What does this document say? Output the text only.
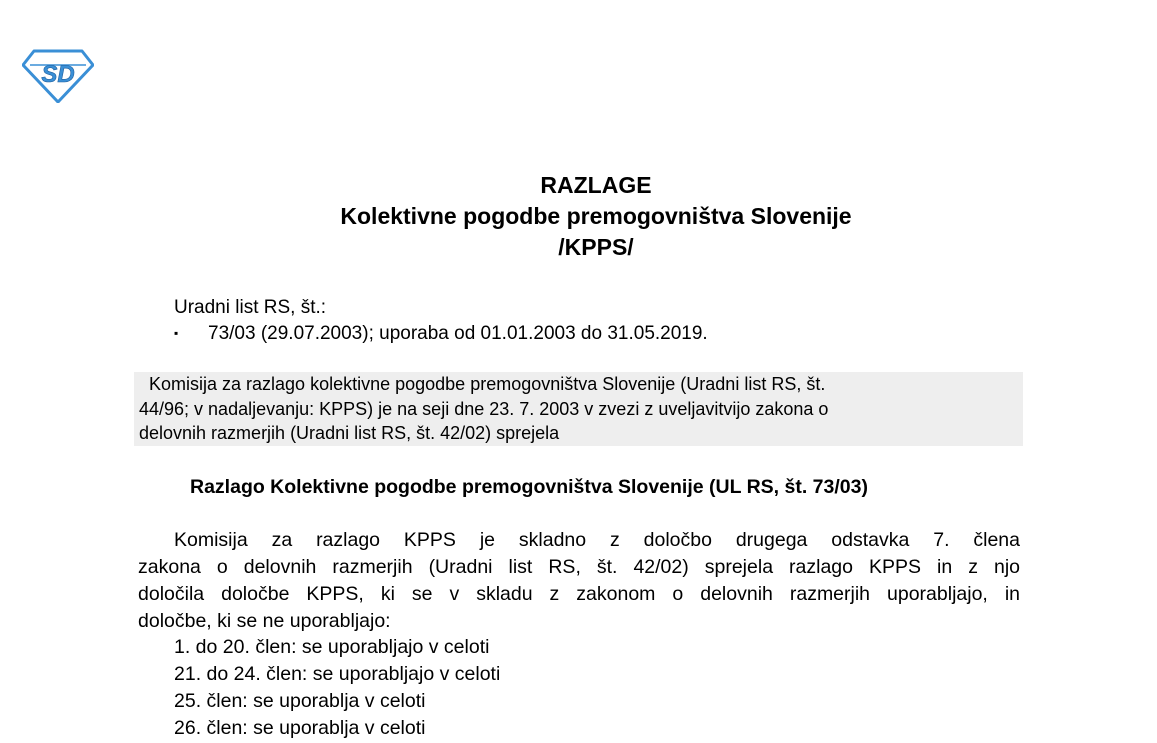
SD
RAZLAGE
Kolektivne pogodbe premogovništva Slovenije
/KPPS/
Uradni list RS, št.:
▪ 73/03 (29.07.2003); uporaba od 01.01.2003 do 31.05.2019.
Komisija za razlago kolektivne pogodbe premogovništva Slovenije (Uradni list RS, št.
44/96; v nadaljevanju: KPPS) je na seji dne 23. 7. 2003 v zvezi z uveljavitvijo zakona o
delovnih razmerjih (Uradni list RS, št. 42/02) sprejela
Razlago Kolektivne pogodbe premogovništva Slovenije (UL RS, št. 73/03)
Komisija za razlago KPPS je skladno z določbo drugega odstavka 7. člena
zakona o delovnih razmerjih (Uradni list RS, št. 42/02) sprejela razlago KPPS in z njo
določila določbe KPPS, ki se v skladu z zakonom o delovnih razmerjih uporabljajo, in
določbe, ki se ne uporabljajo:
1. do 20. člen: se uporabljajo v celoti
21. do 24. člen: se uporabljajo v celoti
25. člen: se uporablja v celoti
26. člen: se uporablja v celoti
